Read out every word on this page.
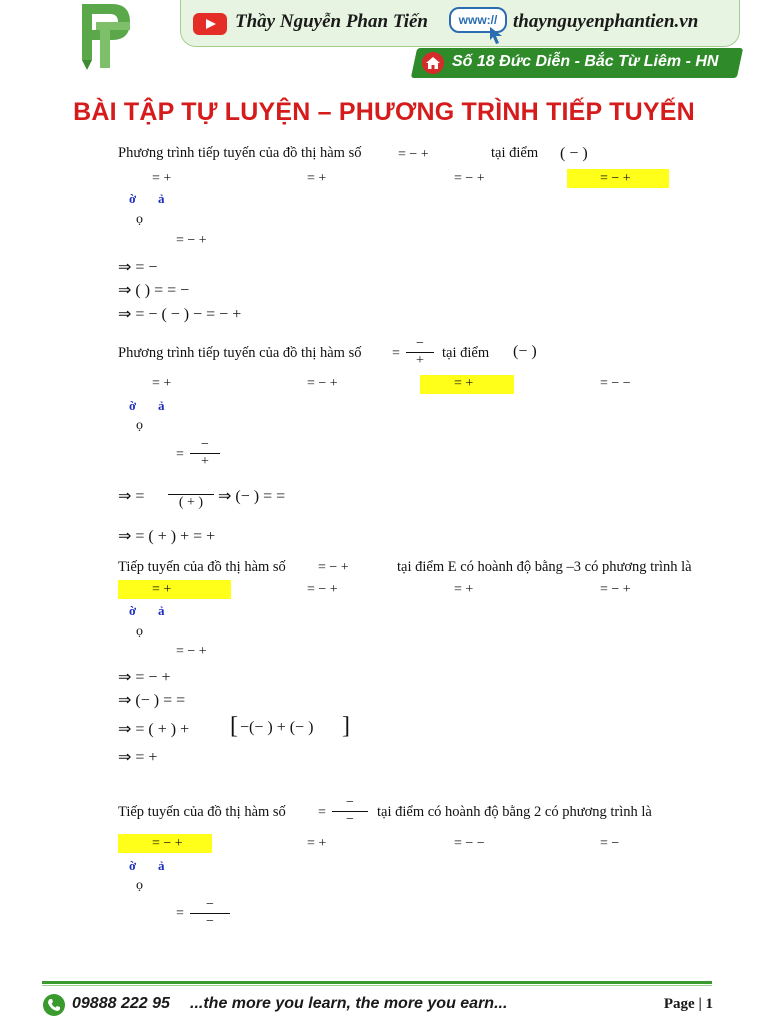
Thầy Nguyễn Phan Tiến	www:// thaynguyenphantien.vn
Số 18 Đức Diễn - Bắc Từ Liêm - HN
BÀI TẬP TỰ LUYỆN – PHƯƠNG TRÌNH TIẾP TUYẾN
Phương trình tiếp tuyến của đồ thị hàm số	= − +	tại điểm ( − )
= +	= +	= − +	= − +
ờ ả
ọ
= − +
⇒ = −
⇒ ( ) = = −
⇒ = − ( − ) − = − +
Phương trình tiếp tuyến của đồ thị hàm số =
−
+ tại điểm (− )
= +	= − +	= +	= − −
ờ ả
ọ
=
−
+
⇒ = ( + ) ⇒ (− ) = =
⇒ = ( + ) + = +
Tiếp tuyến của đồ thị hàm số = − +	tại điểm E có hoành độ bằng –3 có phương trình là
= +	= − +	= +	= − +
ờ ả
ọ
= − +
⇒ = − +
⇒ (− ) = =
⇒ = ( + ) + [ −(− ) + (− ) ]
⇒ = +
Tiếp tuyến của đồ thị hàm số =
−
− tại điểm có hoành độ bằng 2 có phương trình là
= − +	= +	= − −	= −
ờ ả
ọ
=
−
−
09888 222 95 ...the more you learn, the more you earn...	Page | 1
